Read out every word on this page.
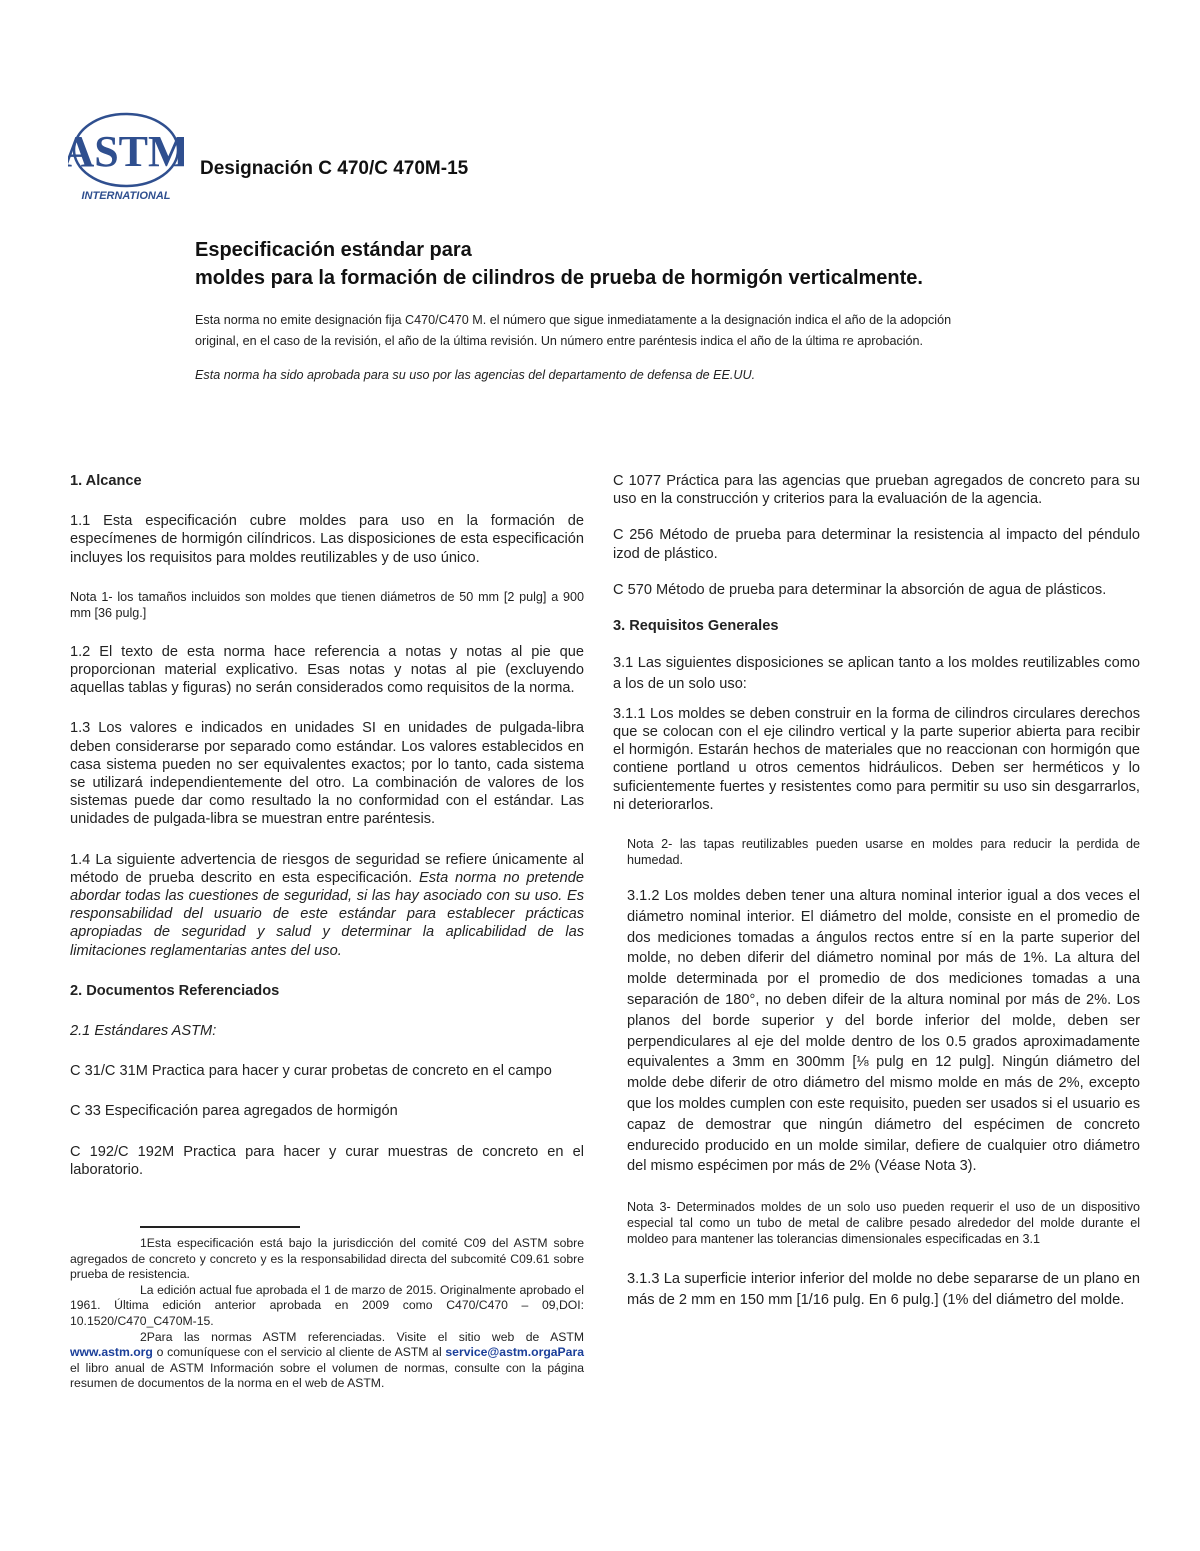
ASTM
INTERNATIONAL
Designación C 470/C 470M-15
Especificación estándar para
moldes para la formación de cilindros de prueba de hormigón verticalmente.

Esta norma no emite designación fija C470/C470 M. el número que sigue inmediatamente a la designación indica el año de la adopción original, en el caso de la revisión, el año de la última revisión. Un número entre paréntesis indica el año de la última re aprobación.

Esta norma ha sido aprobada para su uso por las agencias del departamento de defensa de EE.UU.

1. Alcance

1.1 Esta especificación cubre moldes para uso en la formación de especímenes de hormigón cilíndricos. Las disposiciones de esta especificación incluyes los requisitos para moldes reutilizables y de uso único.

Nota 1- los tamaños incluidos son moldes que tienen diámetros de 50 mm [2 pulg] a 900 mm [36 pulg.]

1.2 El texto de esta norma hace referencia a notas y notas al pie que proporcionan material explicativo. Esas notas y notas al pie (excluyendo aquellas tablas y figuras) no serán considerados como requisitos de la norma.

1.3 Los valores e indicados en unidades SI en unidades de pulgada-libra deben considerarse por separado como estándar. Los valores establecidos en casa sistema pueden no ser equivalentes exactos; por lo tanto, cada sistema se utilizará independientemente del otro. La combinación de valores de los sistemas puede dar como resultado la no conformidad con el estándar. Las unidades de pulgada-libra se muestran entre paréntesis.

1.4 La siguiente advertencia de riesgos de seguridad se refiere únicamente al método de prueba descrito en esta especificación. Esta norma no pretende abordar todas las cuestiones de seguridad, si las hay asociado con su uso. Es responsabilidad del usuario de este estándar para establecer prácticas apropiadas de seguridad y salud y determinar la aplicabilidad de las limitaciones reglamentarias antes del uso.

2. Documentos Referenciados

2.1 Estándares ASTM:

C 31/C 31M Practica para hacer y curar probetas de concreto en el campo

C 33 Especificación parea agregados de hormigón

C 192/C 192M Practica para hacer y curar muestras de concreto en el laboratorio.

1Esta especificación está bajo la jurisdicción del comité C09 del ASTM sobre agregados de concreto y concreto y es la responsabilidad directa del subcomité C09.61 sobre prueba de resistencia.

La edición actual fue aprobada el 1 de marzo de 2015. Originalmente aprobado el 1961. Última edición anterior aprobada en 2009 como C470/C470 – 09,DOI: 10.1520/C470_C470M-15.

2Para las normas ASTM referenciadas. Visite el sitio web de ASTM www.astm.org o comuníquese con el servicio al cliente de ASTM al service@astm.orgaPara el libro anual de ASTM Información sobre el volumen de normas, consulte con la página resumen de documentos de la norma en el web de ASTM.

C 1077 Práctica para las agencias que prueban agregados de concreto para su uso en la construcción y criterios para la evaluación de la agencia.

C 256 Método de prueba para determinar la resistencia al impacto del péndulo izod de plástico.

C 570 Método de prueba para determinar la absorción de agua de plásticos.

3. Requisitos Generales

3.1 Las siguientes disposiciones se aplican tanto a los moldes reutilizables como a los de un solo uso:

3.1.1 Los moldes se deben construir en la forma de cilindros circulares derechos que se colocan con el eje cilindro vertical y la parte superior abierta para recibir el hormigón. Estarán hechos de materiales que no reaccionan con hormigón que contiene portland u otros cementos hidráulicos. Deben ser herméticos y lo suficientemente fuertes y resistentes como para permitir su uso sin desgarrarlos, ni deteriorarlos.

Nota 2- las tapas reutilizables pueden usarse en moldes para reducir la perdida de humedad.

3.1.2 Los moldes deben tener una altura nominal interior igual a dos veces el diámetro nominal interior. El diámetro del molde, consiste en el promedio de dos mediciones tomadas a ángulos rectos entre sí en la parte superior del molde, no deben diferir del diámetro nominal por más de 1%. La altura del molde determinada por el promedio de dos mediciones tomadas a una separación de 180°, no deben difeir de la altura nominal por más de 2%. Los planos del borde superior y del borde inferior del molde, deben ser perpendiculares al eje del molde dentro de los 0.5 grados aproximadamente equivalentes a 3mm en 300mm [⅛ pulg en 12 pulg]. Ningún diámetro del molde debe diferir de otro diámetro del mismo molde en más de 2%, excepto que los moldes cumplen con este requisito, pueden ser usados si el usuario es capaz de demostrar que ningún diámetro del espécimen de concreto endurecido producido en un molde similar, defiere de cualquier otro diámetro del mismo espécimen por más de 2% (Véase Nota 3).

Nota 3- Determinados moldes de un solo uso pueden requerir el uso de un dispositivo especial tal como un tubo de metal de calibre pesado alrededor del molde durante el moldeo para mantener las tolerancias dimensionales especificadas en 3.1

3.1.3 La superficie interior inferior del molde no debe separarse de un plano en más de 2 mm en 150 mm [1/16 pulg. En 6 pulg.] (1% del diámetro del molde.
